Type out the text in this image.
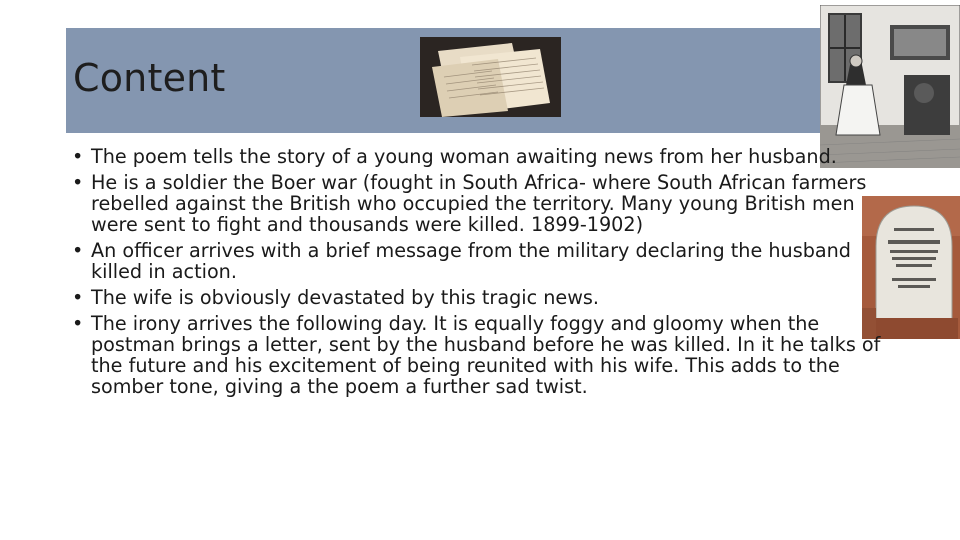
Content
• The poem tells the story of a young woman awaiting news from her husband.
• He is a soldier the Boer war (fought in South Africa- where South African farmers rebelled against the British who occupied the territory. Many young British men were sent to fight and thousands were killed. 1899-1902)
• An officer arrives with a brief message from the military declaring the husband killed in action.
• The wife is obviously devastated by this tragic news.
• The irony arrives the following day. It is equally foggy and gloomy when the postman brings a letter, sent by the husband before he was killed. In it he talks of the future and his excitement of being reunited with his wife. This adds to the somber tone, giving a the poem a further sad twist.
